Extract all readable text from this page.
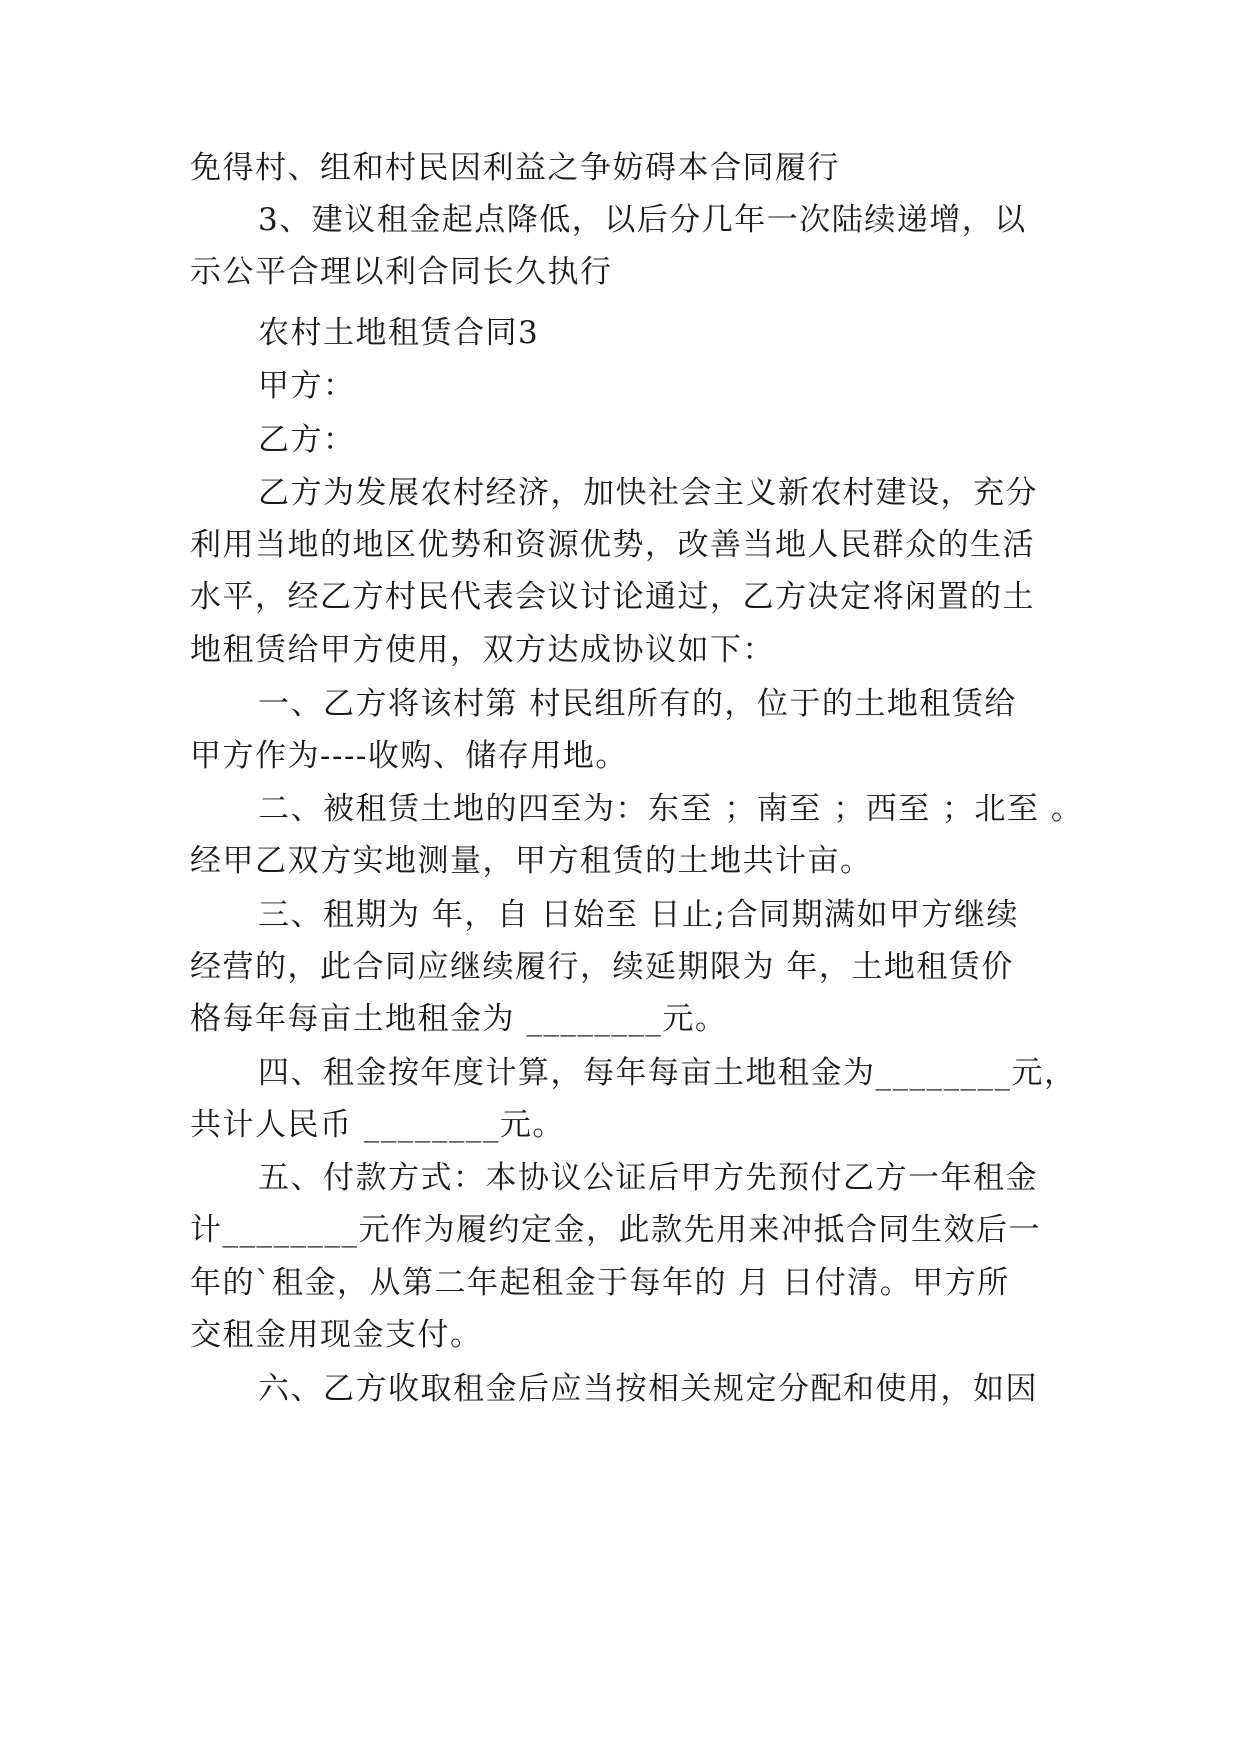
免得村、组和村民因利益之争妨碍本合同履行
3、建议租金起点降低，以后分几年一次陆续递增，以
示公平合理以利合同长久执行
农村土地租赁合同3
甲方：
乙方：
乙方为发展农村经济，加快社会主义新农村建设，充分
利用当地的地区优势和资源优势，改善当地人民群众的生活
水平，经乙方村民代表会议讨论通过，乙方决定将闲置的土
地租赁给甲方使用，双方达成协议如下：
一、乙方将该村第 村民组所有的，位于的土地租赁给
甲方作为----收购、储存用地。
二、被租赁土地的四至为：东至 ；南至 ；西至 ；北至 。
经甲乙双方实地测量，甲方租赁的土地共计亩。
三、租期为 年，自 日始至 日止;合同期满如甲方继续
经营的，此合同应继续履行，续延期限为 年，土地租赁价
格每年每亩土地租金为 ________元。
四、租金按年度计算，每年每亩土地租金为________元，
共计人民币 ________元。
五、付款方式：本协议公证后甲方先预付乙方一年租金
计________元作为履约定金，此款先用来冲抵合同生效后一
年的`租金，从第二年起租金于每年的 月 日付清。甲方所
交租金用现金支付。
六、乙方收取租金后应当按相关规定分配和使用，如因
